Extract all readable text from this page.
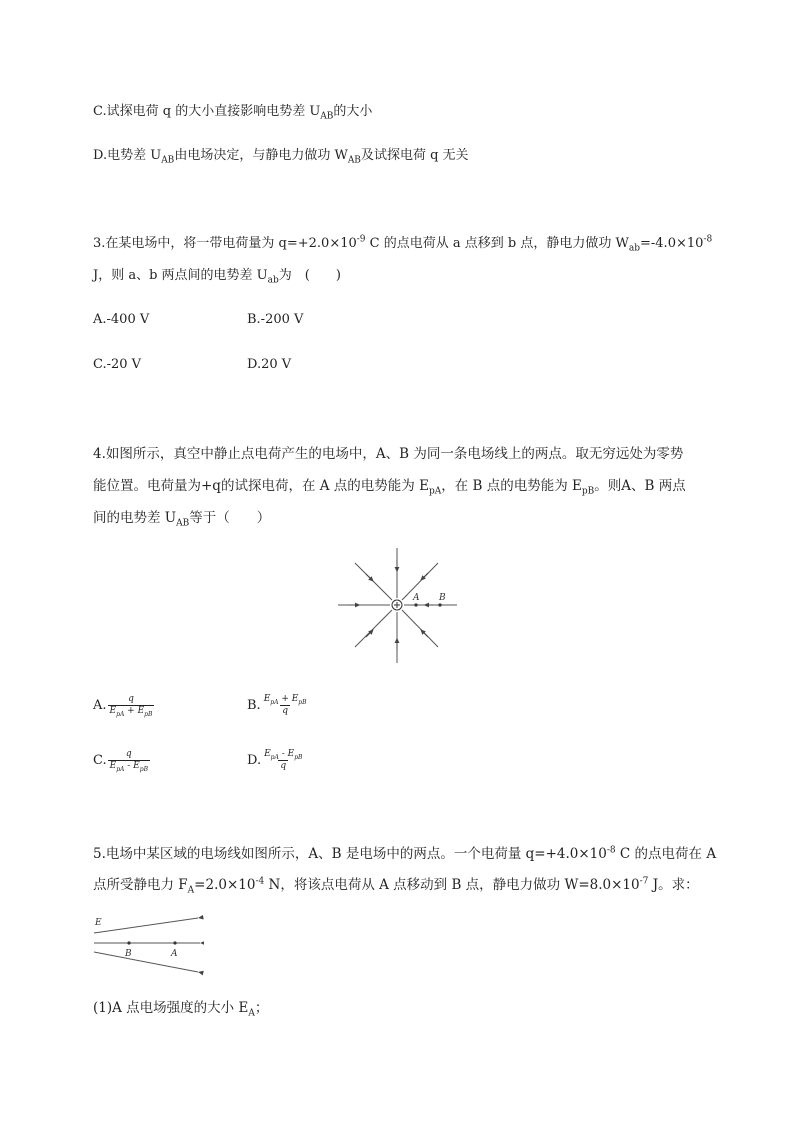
C.试探电荷 q 的大小直接影响电势差 $U_{AB}$的大小
D.电势差 $U_{AB}$由电场决定，与静电力做功 $W_{AB}$及试探电荷 q 无关
3.在某电场中，将一带电荷量为 $q=+2.0\times 10^{-9}$ C 的点电荷从 a 点移到 b 点，静电力做功 $W_{ab}=-4.0\times 10^{-8}$
J，则 a、b 两点间的电势差 $U_{ab}$为　(　　)
A.-400 V	B.-200 V
C.-20 V	D.20 V
4.如图所示，真空中静止点电荷产生的电场中，A、B 为同一条电场线上的两点。取无穷远处为零势
能位置。电荷量为+q的试探电荷，在 A 点的电势能为 $E_{pA}$，在 B 点的电势能为 $E_{pB}$。则A、B 两点
间的电势差 $U_{AB}$等于（　　）
A B
A. $\frac{q}{E_{pA} + E_{pB}}$	B. $\frac{E_{pA} + E_{pB}}{q}$
C. $\frac{q}{E_{pA} - E_{pB}}$	D. $\frac{E_{pA} - E_{pB}}{q}$
5.电场中某区域的电场线如图所示，A、B 是电场中的两点。一个电荷量 $q=+4.0\times 10^{-8}$ C 的点电荷在 A
点所受静电力 $F_A=2.0\times 10^{-4}$ N，将该点电荷从 A 点移动到 B 点，静电力做功 $W=8.0\times 10^{-7}$ J。求：
E
B	A
(1)A 点电场强度的大小 $E_A$；
